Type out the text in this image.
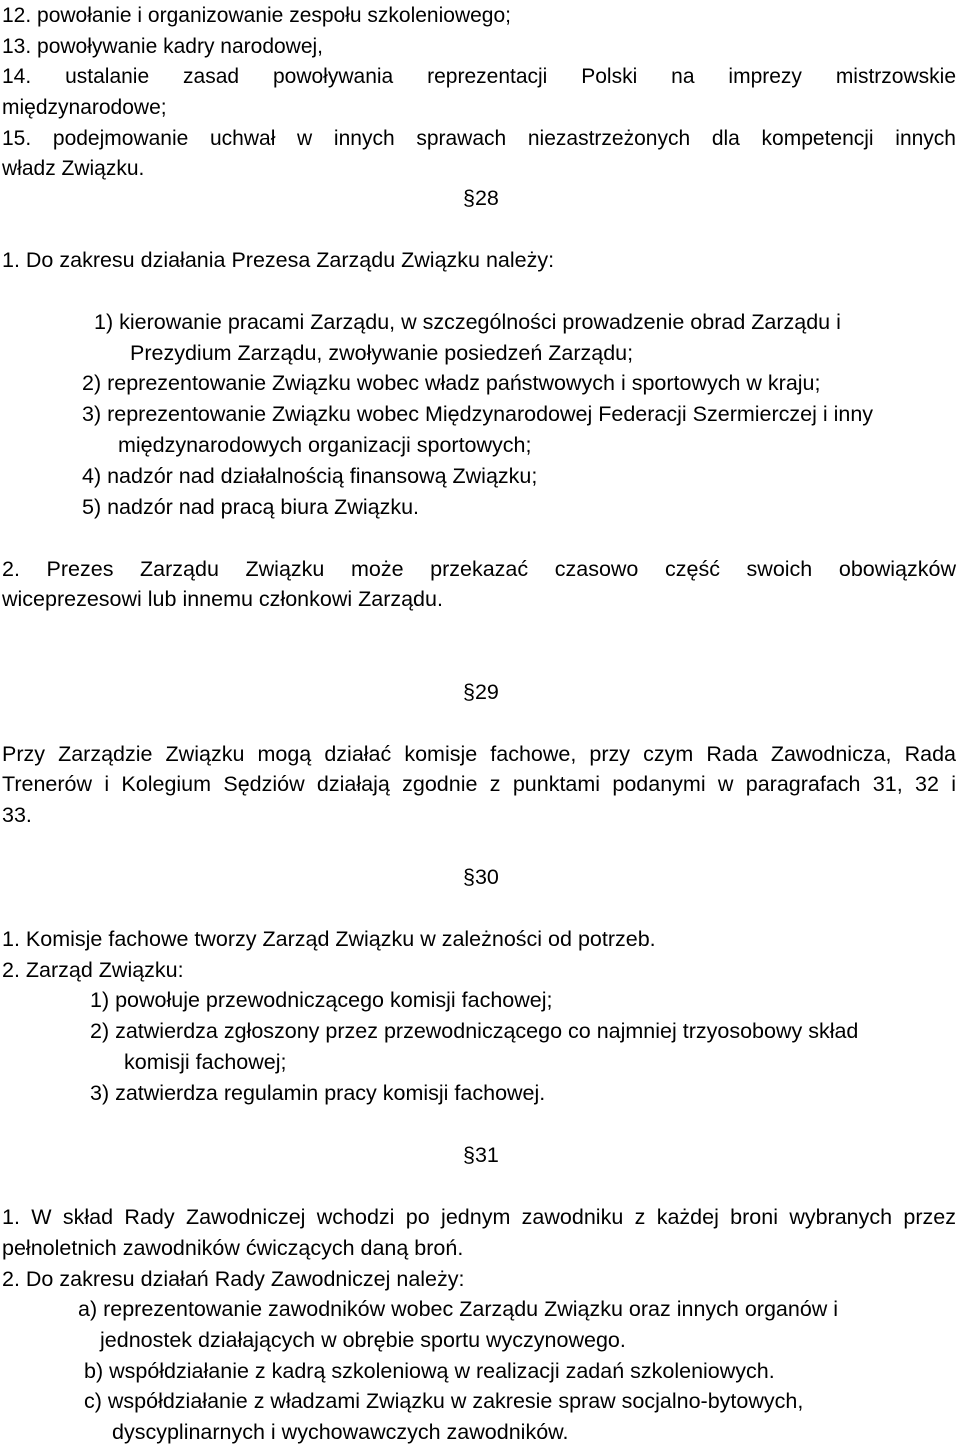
12. powołanie i organizowanie zespołu szkoleniowego;
13. powoływanie kadry narodowej,
14. ustalanie zasad powoływania reprezentacji Polski na imprezy mistrzowskie
międzynarodowe;
15. podejmowanie uchwał w innych sprawach niezastrzeżonych dla kompetencji innych
władz Związku.
§28
1. Do zakresu działania Prezesa Zarządu Związku należy:
1) kierowanie pracami Zarządu, w szczególności prowadzenie obrad Zarządu i
Prezydium Zarządu, zwoływanie posiedzeń Zarządu;
2) reprezentowanie Związku wobec władz państwowych i sportowych w kraju;
3) reprezentowanie Związku wobec Międzynarodowej Federacji Szermierczej i inny
międzynarodowych organizacji sportowych;
4) nadzór nad działalnością finansową Związku;
5) nadzór nad pracą biura Związku.
2. Prezes Zarządu Związku może przekazać czasowo część swoich obowiązków
wiceprezesowi lub innemu członkowi Zarządu.
§29
Przy Zarządzie Związku mogą działać komisje fachowe, przy czym Rada Zawodnicza, Rada
Trenerów i Kolegium Sędziów działają zgodnie z punktami podanymi w paragrafach 31, 32 i
33.
§30
1. Komisje fachowe tworzy Zarząd Związku w zależności od potrzeb.
2. Zarząd Związku:
1) powołuje przewodniczącego komisji fachowej;
2) zatwierdza zgłoszony przez przewodniczącego co najmniej trzyosobowy skład
komisji fachowej;
3) zatwierdza regulamin pracy komisji fachowej.
§31
1. W skład Rady Zawodniczej wchodzi po jednym zawodniku z każdej broni wybranych przez
pełnoletnich zawodników ćwiczących daną broń.
2. Do zakresu działań Rady Zawodniczej należy:
a) reprezentowanie zawodników wobec Zarządu Związku oraz innych organów i
jednostek działających w obrębie sportu wyczynowego.
b) współdziałanie z kadrą szkoleniową w realizacji zadań szkoleniowych.
c) współdziałanie z władzami Związku w zakresie spraw socjalno-bytowych,
dyscyplinarnych i wychowawczych zawodników.
